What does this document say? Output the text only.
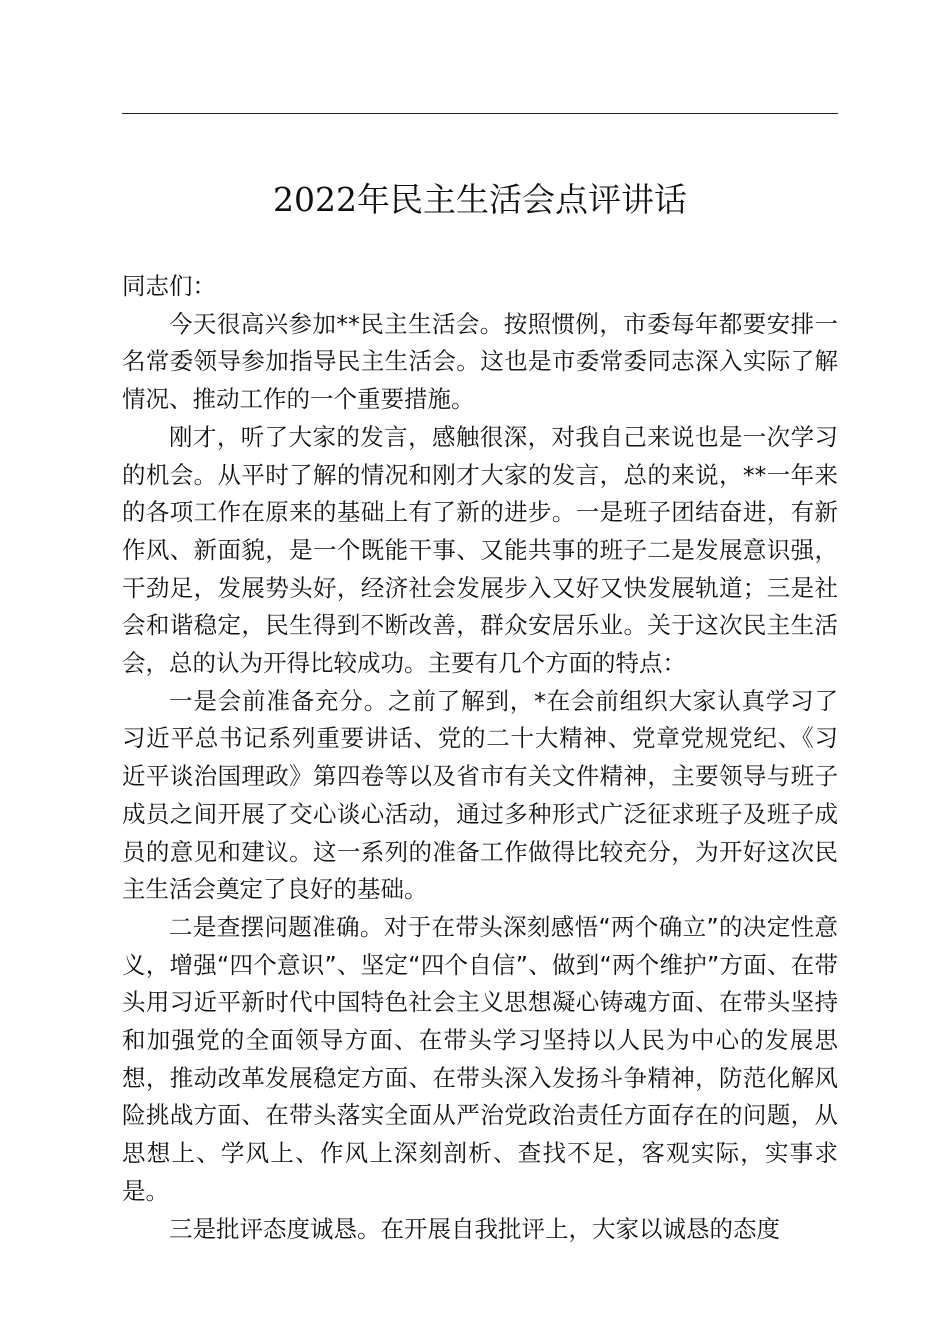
2022年民主生活会点评讲话

同志们：

今天很高兴参加**民主生活会。按照惯例，市委每年都要安排一名常委领导参加指导民主生活会。这也是市委常委同志深入实际了解情况、推动工作的一个重要措施。

刚才，听了大家的发言，感触很深，对我自己来说也是一次学习的机会。从平时了解的情况和刚才大家的发言，总的来说，**一年来的各项工作在原来的基础上有了新的进步。一是班子团结奋进，有新作风、新面貌，是一个既能干事、又能共事的班子二是发展意识强，干劲足，发展势头好，经济社会发展步入又好又快发展轨道；三是社会和谐稳定，民生得到不断改善，群众安居乐业。关于这次民主生活会，总的认为开得比较成功。主要有几个方面的特点：

一是会前准备充分。之前了解到，*在会前组织大家认真学习了习近平总书记系列重要讲话、党的二十大精神、党章党规党纪、《习近平谈治国理政》第四卷等以及省市有关文件精神，主要领导与班子成员之间开展了交心谈心活动，通过多种形式广泛征求班子及班子成员的意见和建议。这一系列的准备工作做得比较充分，为开好这次民主生活会奠定了良好的基础。

二是查摆问题准确。对于在带头深刻感悟“两个确立”的决定性意义，增强“四个意识”、坚定“四个自信”、做到“两个维护”方面、在带头用习近平新时代中国特色社会主义思想凝心铸魂方面、在带头坚持和加强党的全面领导方面、在带头学习坚持以人民为中心的发展思想，推动改革发展稳定方面、在带头深入发扬斗争精神，防范化解风险挑战方面、在带头落实全面从严治党政治责任方面存在的问题，从思想上、学风上、作风上深刻剖析、查找不足，客观实际，实事求是。

三是批评态度诚恳。在开展自我批评上，大家以诚恳的态度
